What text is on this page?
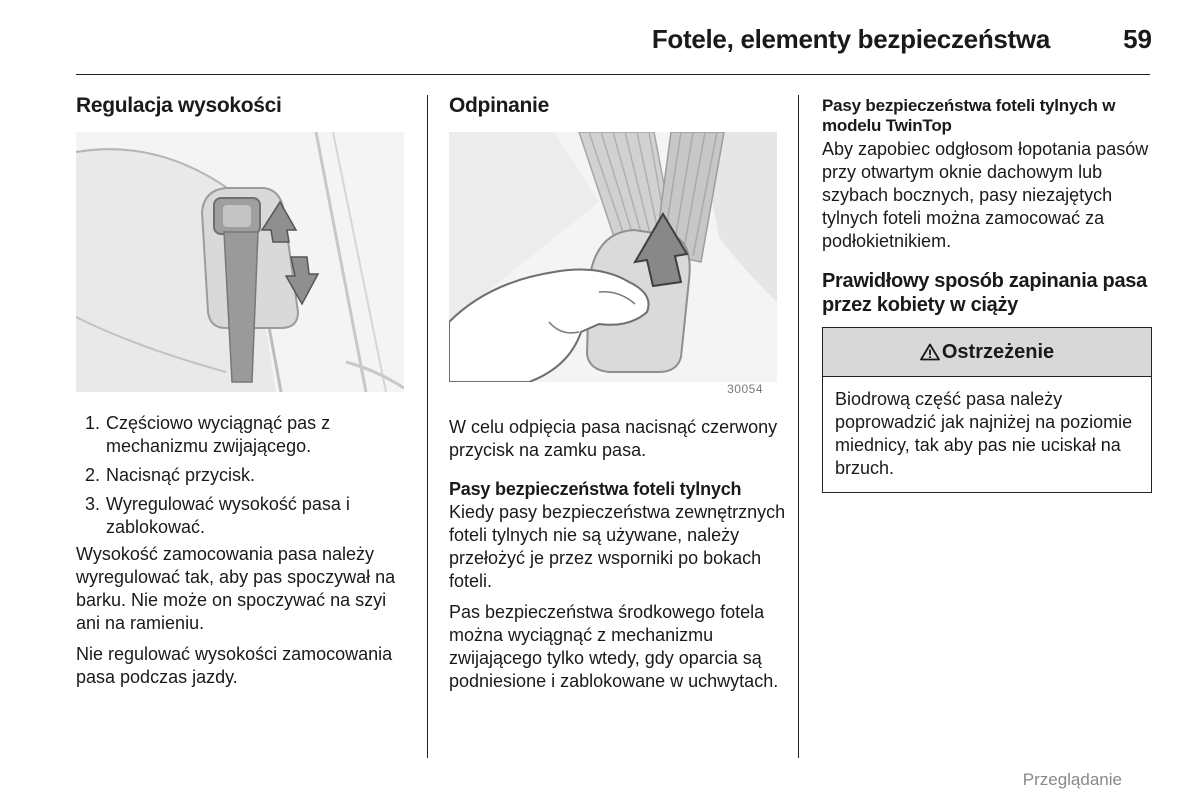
Fotele, elementy bezpieczeństwa	59
Regulacja wysokości
1. Częściowo wyciągnąć pas z mechanizmu zwijającego.
2. Nacisnąć przycisk.
3. Wyregulować wysokość pasa i zablokować.

Wysokość zamocowania pasa należy wyregulować tak, aby pas spoczywał na barku. Nie może on spoczywać na szyi ani na ramieniu.

Nie regulować wysokości zamocowania pasa podczas jazdy.

Odpinanie
30054

W celu odpięcia pasa nacisnąć czerwony przycisk na zamku pasa.

Pasy bezpieczeństwa foteli tylnych

Kiedy pasy bezpieczeństwa zewnętrznych foteli tylnych nie są używane, należy przełożyć je przez wsporniki po bokach foteli.

Pas bezpieczeństwa środkowego fotela można wyciągnąć z mechanizmu zwijającego tylko wtedy, gdy oparcia są podniesione i zablokowane w uchwytach.

Pasy bezpieczeństwa foteli tylnych w modelu TwinTop

Aby zapobiec odgłosom łopotania pasów przy otwartym oknie dachowym lub szybach bocznych, pasy niezajętych tylnych foteli można zamocować za podłokietnikiem.

Prawidłowy sposób zapinania pasa przez kobiety w ciąży
Ostrzeżenie
Biodrową część pasa należy poprowadzić jak najniżej na poziomie miednicy, tak aby pas nie uciskał na brzuch.
Przeglądanie
